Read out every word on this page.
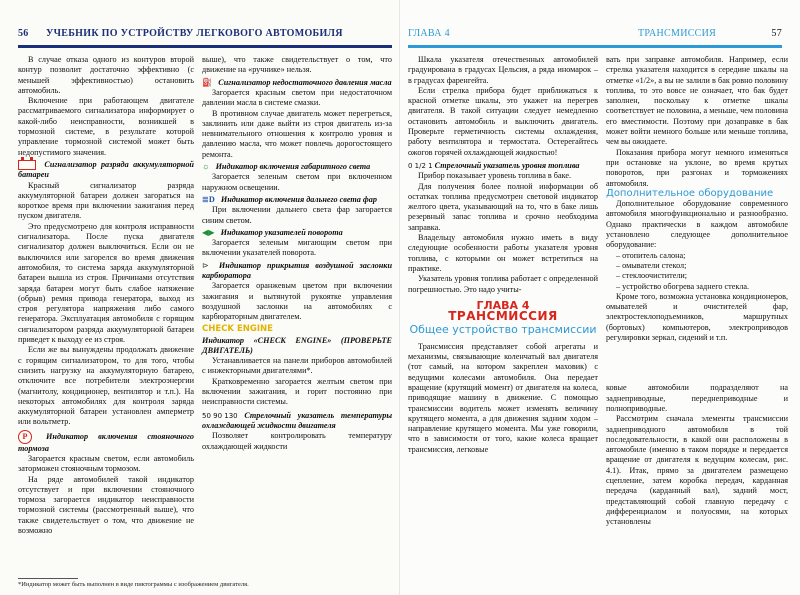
56 УЧЕБНИК ПО УСТРОЙСТВУ ЛЕГКОВОГО АВТОМОБИЛЯ

В случае отказа одного из контуров второй контур позволит достаточно эффективно (с меньшей эффективностью) остановить автомобиль.

Включение при работающем двигателе рассматриваемого сигнализатора информирует о какой-либо неисправности, возникшей в тормозной системе, в результате которой управление тормозной системой может быть недопустимого значения.

Сигнализатор разряда аккумуляторной батареи

Красный сигнализатор разряда аккумуляторной батареи должен загораться на короткое время при включении зажигания перед пуском двигателя.

Это предусмотрено для контроля исправности сигнализатора. После пуска двигателя сигнализатор должен выключиться. Если он не выключился или загорелся во время движения автомобиля, то система заряда аккумуляторной батареи вышла из строя. Причинами отсутствия заряда батареи могут быть слабое натяжение (обрыв) ремня привода генератора, выход из строя регулятора напряжения либо самого генератора. Эксплуатация автомобиля с горящим сигнализатором разряда аккумуляторной батареи приведет к выходу ее из строя.

Если же вы вынуждены продолжать движение с горящим сигнализатором, то для того, чтобы снизить нагрузку на аккумуляторную батарею, отключите все потребители электроэнергии (магнитолу, кондиционер, вентилятор и т.п.). На некоторых автомобилях для контроля заряда аккумуляторной батареи установлен амперметр или вольтметр.

P Индикатор включения стояночного тормоза

Загорается красным светом, если автомобиль заторможен стояночным тормозом.

На ряде автомобилей такой индикатор отсутствует и при включении стояночного тормоза загорается индикатор неисправности тормозной системы (рассмотренный выше), что также свидетельствует о том, что движение не возможно

выше), что также свидетельствует о том, что движение на «ручнике» нельзя.

⛽ Сигнализатор недостаточного давления масла

Загорается красным светом при недостаточном давлении масла в системе смазки.

В противном случае двигатель может перегреться, заклинить или даже выйти из строя двигатель из-за невнимательного отношения к контролю уровня и давлению масла, что может повлечь дорогостоящего ремонта.

☼ Индикатор включения габаритного света

Загорается зеленым светом при включенном наружном освещении.

≣D Индикатор включения дальнего света фар

При включении дальнего света фар загорается синим светом.

◀▶ Индикатор указателей поворота

Загорается зеленым мигающим светом при включении указателей поворота.

⊳ Индикатор прикрытия воздушной заслонки карбюратора

Загорается оранжевым цветом при включении зажигания и вытянутой рукоятке управления воздушной заслонки на автомобилях с карбюраторным двигателем.

CHECK ENGINE

Индикатор «CHECK ENGINE» (ПРОВЕРЬТЕ ДВИГАТЕЛЬ)

Устанавливается на панели приборов автомобилей с инжекторными двигателями*.

Кратковременно загорается желтым светом при включении зажигания, и горит постоянно при неисправности системы.

50 90 130 Стрелочный указатель температуры охлаждающей жидкости двигателя

Позволяет контролировать температуру охлаждающей жидкости

*Индикатор может быть выполнен в виде пиктограммы с изображением двигателя.
ГЛАВА 4	ТРАНСМИССИЯ	57

Шкала указателя отечественных автомобилей градуирована в градусах Цельсия, а ряда иномарок – в градусах фаренгейта.

Если стрелка прибора будет приближаться к красной отметке шкалы, это укажет на перегрев двигателя. В такой ситуации следует немедленно остановить автомобиль и выключить двигатель. Проверьте герметичность системы охлаждения, работу вентилятора и термостата. Остерегайтесь ожогов горячей охлаждающей жидкостью!

0 1/2 1 Стрелочный указатель уровня топлива

Прибор показывает уровень топлива в баке.

Для получения более полной информации об остатках топлива предусмотрен световой индикатор желтого цвета, указывающий на то, что в баке лишь резервный запас топлива и срочно необходима заправка.

Владельцу автомобиля нужно иметь в виду следующие особенности работы указателя уровня топлива, с которыми он может встретиться на практике.

Указатель уровня топлива работает с определенной погрешностью. Это надо учиты-

ГЛАВА 4
ТРАНСМИССИЯ
Общее устройство трансмиссии

Трансмиссия представляет собой агрегаты и механизмы, связывающие коленчатый вал двигателя (тот самый, на котором закреплен маховик) с ведущими колесами автомобиля. Она передает вращение (крутящий момент) от двигателя на колеса, приводящие машину в движение. С помощью трансмиссии водитель может изменять величину крутящего момента, а для движения задним ходом – направление крутящего момента. Мы уже говорили, что в зависимости от того, какие колеса вращает трансмиссия, легковые

вать при заправке автомобиля. Например, если стрелка указателя находится в середине шкалы на отметке «1/2», а вы не залили в бак ровно половину топлива, то это вовсе не означает, что бак будет заполнен, поскольку к отметке шкалы соответствует не половина, а меньше, чем половина его вместимости. Поэтому при дозаправке в бак может войти немного больше или меньше топлива, чем вы ожидаете.

Показания прибора могут немного изменяться при остановке на уклоне, во время крутых поворотов, при разгонах и торможениях автомобиля.

Дополнительное оборудование

Дополнительное оборудование современного автомобиля многофункционально и разнообразно. Однако практически в каждом автомобиле установлено следующее дополнительное оборудование:

– отопитель салона;

– омыватели стекол;

– стеклоочистители;

– устройство обогрева заднего стекла.

Кроме того, возможна установка кондиционеров, омывателей и очистителей фар, электростеклоподъемников, маршрутных (бортовых) компьютеров, электроприводов регулировки зеркал, сидений и т.п.

ковые автомобили подразделяют на заднеприводные, переднеприводные и полноприводные.

Рассмотрим сначала элементы трансмиссии заднеприводного автомобиля в той последовательности, в какой они расположены в автомобиле (именно в таком порядке и передается вращение от двигателя к ведущим колесам, рис. 4.1). Итак, прямо за двигателем размещено сцепление, затем коробка передач, карданная передача (карданный вал), задний мост, представляющий собой главную передачу с дифференциалом и полуосями, на которых установлены
